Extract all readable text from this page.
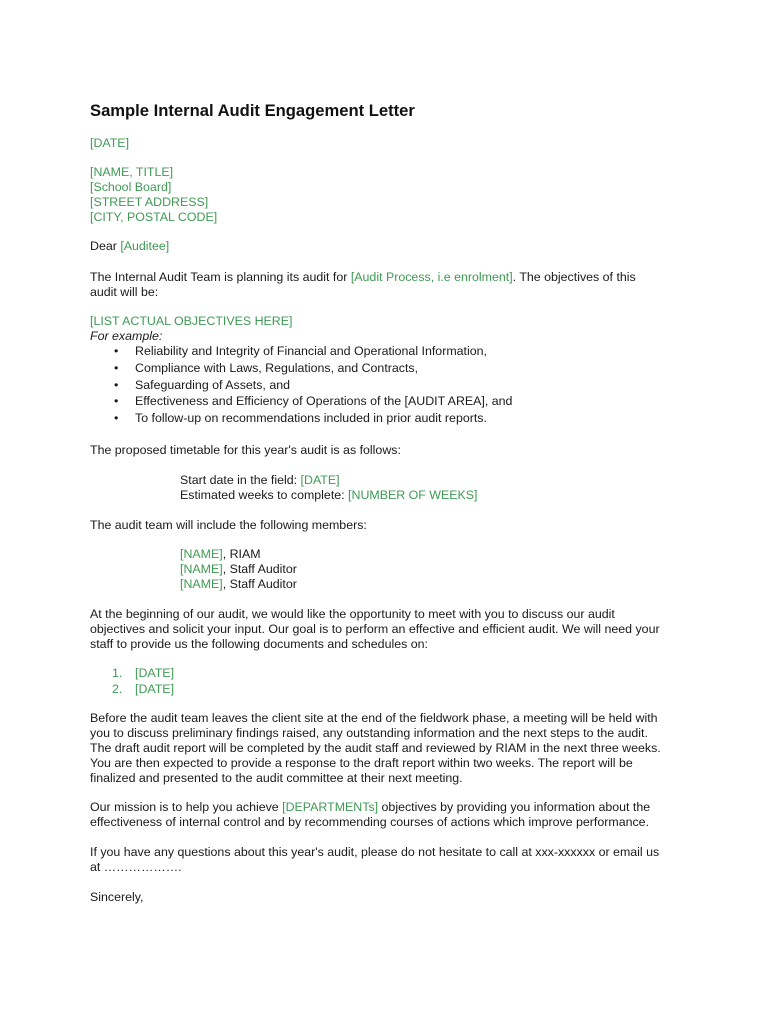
Sample Internal Audit Engagement Letter
[DATE]
[NAME, TITLE]
[School Board]
[STREET ADDRESS]
[CITY, POSTAL CODE]
Dear [Auditee]
The Internal Audit Team is planning its audit for [Audit Process, i.e enrolment]. The objectives of this
audit will be:
[LIST ACTUAL OBJECTIVES HERE]
For example:
• Reliability and Integrity of Financial and Operational Information,
• Compliance with Laws, Regulations, and Contracts,
• Safeguarding of Assets, and
• Effectiveness and Efficiency of Operations of the [AUDIT AREA], and
• To follow-up on recommendations included in prior audit reports.
The proposed timetable for this year's audit is as follows:
Start date in the field: [DATE]
Estimated weeks to complete: [NUMBER OF WEEKS]
The audit team will include the following members:
[NAME], RIAM
[NAME], Staff Auditor
[NAME], Staff Auditor
At the beginning of our audit, we would like the opportunity to meet with you to discuss our audit
objectives and solicit your input. Our goal is to perform an effective and efficient audit. We will need your
staff to provide us the following documents and schedules on:
1. [DATE]
2. [DATE]
Before the audit team leaves the client site at the end of the fieldwork phase, a meeting will be held with
you to discuss preliminary findings raised, any outstanding information and the next steps to the audit.
The draft audit report will be completed by the audit staff and reviewed by RIAM in the next three weeks.
You are then expected to provide a response to the draft report within two weeks. The report will be
finalized and presented to the audit committee at their next meeting.
Our mission is to help you achieve [DEPARTMENTs] objectives by providing you information about the
effectiveness of internal control and by recommending courses of actions which improve performance.
If you have any questions about this year's audit, please do not hesitate to call at xxx-xxxxxx or email us
at ……………….
Sincerely,
